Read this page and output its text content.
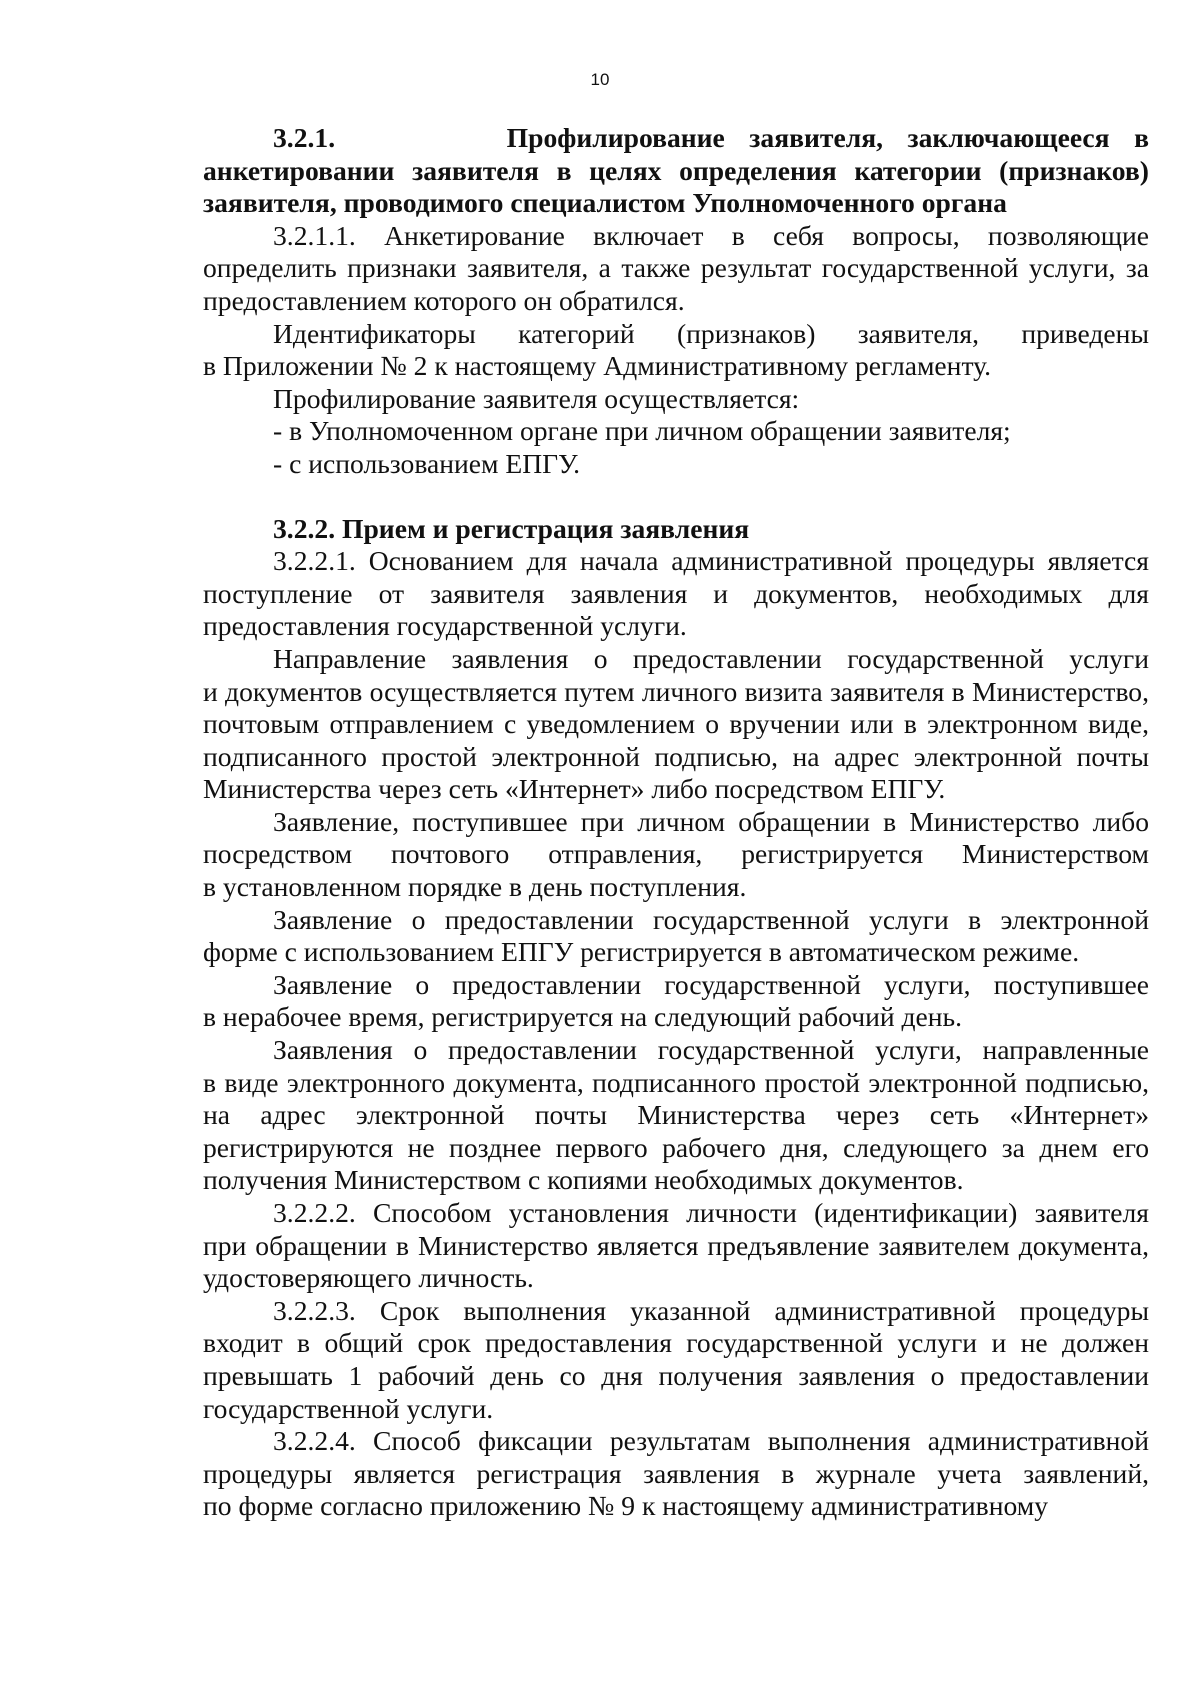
10

3.2.1.       Профилирование заявителя, заключающееся в анкетировании заявителя в целях определения категории (признаков) заявителя, проводимого специалистом Уполномоченного органа

3.2.1.1. Анкетирование включает в себя вопросы, позволяющие определить признаки заявителя, а также результат государственной услуги, за предоставлением которого он обратился.

Идентификаторы категорий (признаков) заявителя, приведены в Приложении № 2 к настоящему Административному регламенту.

Профилирование заявителя осуществляется:

- в Уполномоченном органе при личном обращении заявителя;

- с использованием ЕПГУ.

3.2.2. Прием и регистрация заявления

3.2.2.1. Основанием для начала административной процедуры является поступление от заявителя заявления и документов, необходимых для предоставления государственной услуги.

Направление заявления о предоставлении государственной услуги и документов осуществляется путем личного визита заявителя в Министерство, почтовым отправлением с уведомлением о вручении или в электронном виде, подписанного простой электронной подписью, на адрес электронной почты Министерства через сеть «Интернет» либо посредством ЕПГУ.

Заявление, поступившее при личном обращении в Министерство либо посредством почтового отправления, регистрируется Министерством в установленном порядке в день поступления.

Заявление о предоставлении государственной услуги в электронной форме с использованием ЕПГУ регистрируется в автоматическом режиме.

Заявление о предоставлении государственной услуги, поступившее в нерабочее время, регистрируется на следующий рабочий день.

Заявления о предоставлении государственной услуги, направленные в виде электронного документа, подписанного простой электронной подписью, на адрес электронной почты Министерства через сеть «Интернет» регистрируются не позднее первого рабочего дня, следующего за днем его получения Министерством с копиями необходимых документов.

3.2.2.2. Способом установления личности (идентификации) заявителя при обращении в Министерство является предъявление заявителем документа, удостоверяющего личность.

3.2.2.3. Срок выполнения указанной административной процедуры входит в общий срок предоставления государственной услуги и не должен превышать 1 рабочий день со дня получения заявления о предоставлении государственной услуги.

3.2.2.4. Способ фиксации результатам выполнения административной процедуры является регистрация заявления в журнале учета заявлений, по форме согласно приложению № 9 к настоящему административному
